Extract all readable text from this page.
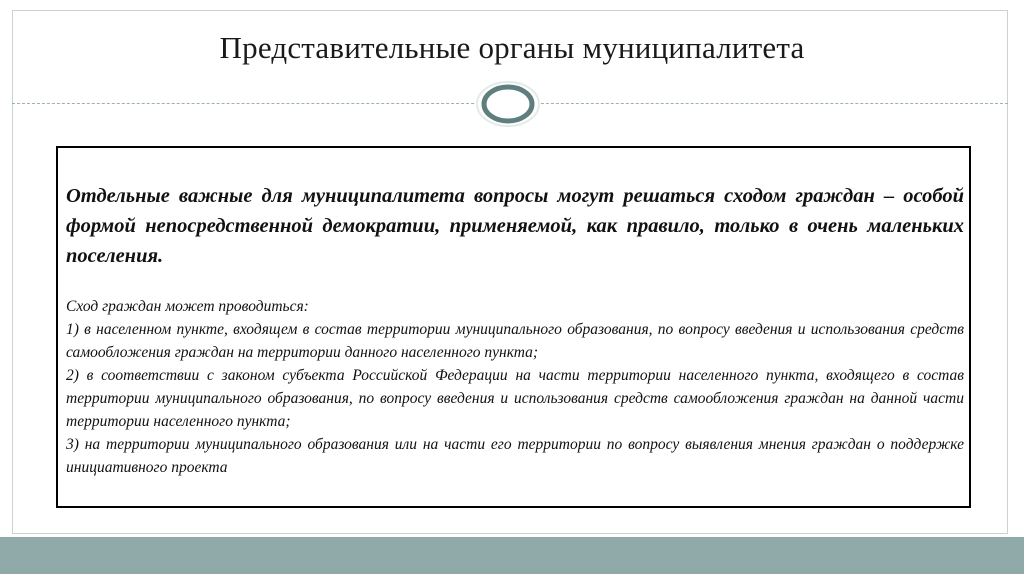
Представительные органы муниципалитета
Отдельные важные для муниципалитета вопросы могут решаться сходом граждан – особой формой непосредственной демократии, применяемой, как правило, только в очень маленьких поселения.

Сход граждан может проводиться:

1) в населенном пункте, входящем в состав территории муниципального образования, по вопросу введения и использования средств самообложения граждан на территории данного населенного пункта;

2) в соответствии с законом субъекта Российской Федерации на части территории населенного пункта, входящего в состав территории муниципального образования, по вопросу введения и использования средств самообложения граждан на данной части территории населенного пункта;

3) на территории муниципального образования или на части его территории по вопросу выявления мнения граждан о поддержке инициативного проекта
